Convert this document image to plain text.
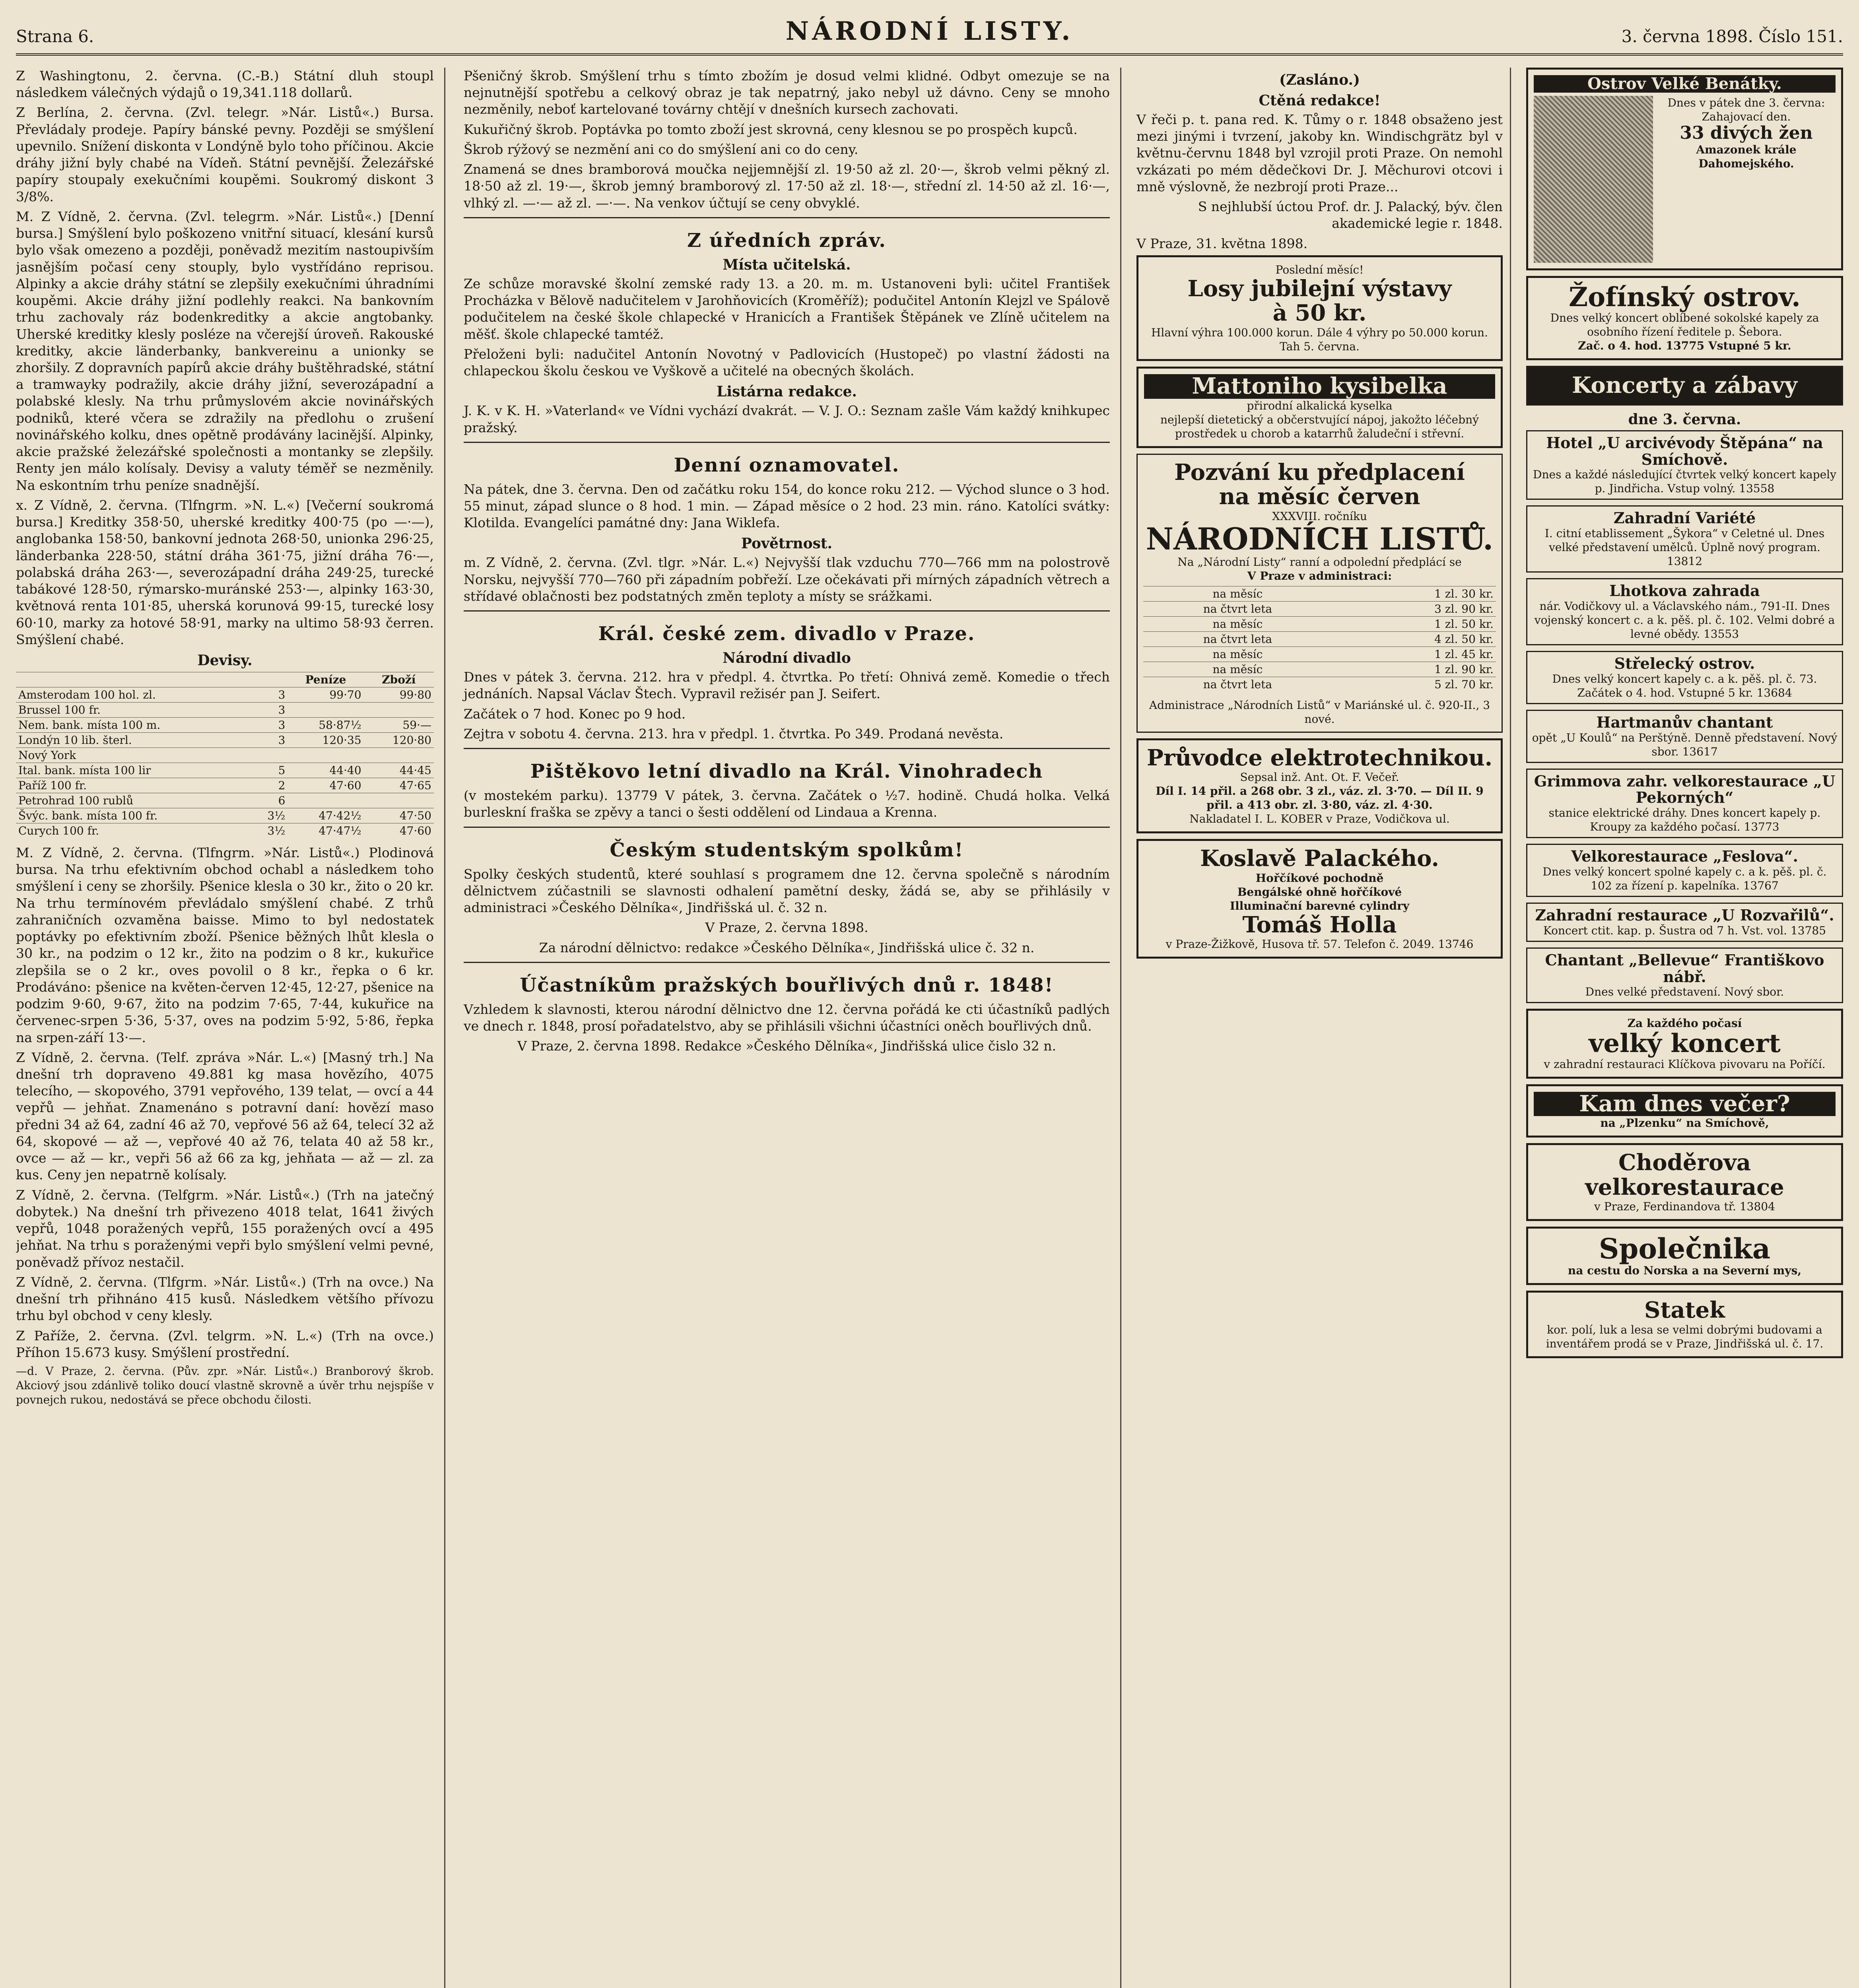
Strana 6.	NÁRODNÍ LISTY.	3. června 1898. Číslo 151.

Z Washingtonu, 2. června. (C.-B.) Státní dluh stoupl následkem válečných výdajů o 19,341.118 dollarů.

Z Berlína, 2. června. (Zvl. telegr. »Nár. Listů«.) Bursa. Převládaly prodeje. Papíry bánské pevny. Později se smýšlení upevnilo. Snížení diskonta v Londýně bylo toho příčinou. Akcie dráhy jižní byly chabé na Vídeň. Státní pevnější. Železářské papíry stoupaly exekučními koupěmi. Soukromý diskont 3 3/8%.

M. Z Vídně, 2. června. (Zvl. telegrm. »Nár. Listů«.) [Denní bursa.] Smýšlení bylo poškozeno vnitřní situací, klesání kursů bylo však omezeno a později, poněvadž mezitím nastoupivším jasnějším počasí ceny stouply, bylo vystřídáno reprisou. Alpinky a akcie dráhy státní se zlepšily exekučními úhradními koupěmi. Akcie dráhy jižní podlehly reakci. Na bankovním trhu zachovaly ráz bodenkreditky a akcie angtobanky. Uherské kreditky klesly posléze na včerejší úroveň. Rakouské kreditky, akcie länderbanky, bankvereinu a unionky se zhoršily. Z dopravních papírů akcie dráhy buštěhradské, státní a tramwayky podražily, akcie dráhy jižní, severozápadní a polabské klesly. Na trhu průmyslovém akcie novinářských podniků, které včera se zdražily na předlohu o zrušení novinářského kolku, dnes opětně prodávány lacinější. Alpinky, akcie pražské železářské společnosti a montanky se zlepšily. Renty jen málo kolísaly. Devisy a valuty téměř se nezměnily. Na eskontním trhu peníze snadnější.

x. Z Vídně, 2. června. (Tlfngrm. »N. L.«) [Večerní soukromá bursa.] Kreditky 358·50, uherské kreditky 400·75 (po —·—), anglobanka 158·50, bankovní jednota 268·50, unionka 296·25, länderbanka 228·50, státní dráha 361·75, jižní dráha 76·—, polabská dráha 263·—, severozápadní dráha 249·25, turecké tabákové 128·50, rýmarsko-muránské 253·—, alpinky 163·30, květnová renta 101·85, uherská korunová 99·15, turecké losy 60·10, marky za hotové 58·91, marky na ultimo 58·93 čerren. Smýšlení chabé.

Devisy.
		Peníze	Zboží
Amsterodam 100 hol. zl.	3	99·70	99·80
Brussel 100 fr.	3		
Nem. bank. místa 100 m.	3	58·87½	59·—
Londýn 10 lib. šterl.	3	120·35	120·80
Nový York			
Ital. bank. místa 100 lir	5	44·40	44·45
Paříž 100 fr.	2	47·60	47·65
Petrohrad 100 rublů	6		
Švýc. bank. místa 100 fr.	3½	47·42½	47·50
Curych 100 fr.	3½	47·47½	47·60

M. Z Vídně, 2. června. (Tlfngrm. »Nár. Listů«.) Plodinová bursa. Na trhu efektivním obchod ochabl a následkem toho smýšlení i ceny se zhoršily. Pšenice klesla o 30 kr., žito o 20 kr. Na trhu termínovém převládalo smýšlení chabé. Z trhů zahraničních ozvaměna baisse. Mimo to byl nedostatek poptávky po efektivním zboží. Pšenice běžných lhůt klesla o 30 kr., na podzim o 12 kr., žito na podzim o 8 kr., kukuřice zlepšila se o 2 kr., oves povolil o 8 kr., řepka o 6 kr. Prodáváno: pšenice na květen-červen 12·45, 12·27, pšenice na podzim 9·60, 9·67, žito na podzim 7·65, 7·44, kukuřice na červenec-srpen 5·36, 5·37, oves na podzim 5·92, 5·86, řepka na srpen-září 13·—.

Z Vídně, 2. června. (Telf. zpráva »Nár. L.«) [Masný trh.] Na dnešní trh dopraveno 49.881 kg masa hovězího, 4075 telecího, — skopového, 3791 vepřového, 139 telat, — ovcí a 44 vepřů — jehňat. Znamenáno s potravní daní: hovězí maso předni 34 až 64, zadní 46 až 70, vepřové 56 až 64, telecí 32 až 64, skopové — až —, vepřové 40 až 76, telata 40 až 58 kr., ovce — až — kr., vepři 56 až 66 za kg, jehňata — až — zl. za kus. Ceny jen nepatrně kolísaly.

Z Vídně, 2. června. (Telfgrm. »Nár. Listů«.) (Trh na jatečný dobytek.) Na dnešní trh přivezeno 4018 telat, 1641 živých vepřů, 1048 poražených vepřů, 155 poražených ovcí a 495 jehňat. Na trhu s poraženými vepři bylo smýšlení velmi pevné, poněvadž přívoz nestačil.

Z Vídně, 2. června. (Tlfgrm. »Nár. Listů«.) (Trh na ovce.) Na dnešní trh přihnáno 415 kusů. Následkem většího přívozu trhu byl obchod v ceny klesly.

Z Paříže, 2. června. (Zvl. telgrm. »N. L.«) (Trh na ovce.) Příhon 15.673 kusy. Smýšlení prostřední.

—d. V Praze, 2. června. (Pův. zpr. »Nár. Listů«.) Branborový škrob. Akciový jsou zdánlivě toliko doucí vlastně skrovně a úvěr trhu nejspíše v povnejch rukou, nedostává se přece obchodu čilosti.

Pšeničný škrob. Smýšlení trhu s tímto zbožím je dosud velmi klidné. Odbyt omezuje se na nejnutnější spotřebu a celkový obraz je tak nepatrný, jako nebyl už dávno. Ceny se mnoho nezměnily, neboť kartelované továrny chtějí v dnešních kursech zachovati.

Kukuřičný škrob. Poptávka po tomto zboží jest skrovná, ceny klesnou se po prospěch kupců.

Škrob rýžový se nezmění ani co do smýšlení ani co do ceny.

Znamená se dnes bramborová moučka nejjemnější zl. 19·50 až zl. 20·—, škrob velmi pěkný zl. 18·50 až zl. 19·—, škrob jemný bramborový zl. 17·50 až zl. 18·—, střední zl. 14·50 až zl. 16·—, vlhký zl. —·— až zl. —·—. Na venkov účtují se ceny obvyklé.

Z úředních zpráv.
Místa učitelská.

Ze schůze moravské školní zemské rady 13. a 20. m. m. Ustanoveni byli: učitel František Procházka v Bělově nadučitelem v Jarohňovicích (Kroměříž); podučitel Antonín Klejzl ve Spálově podučitelem na české škole chlapecké v Hranicích a František Štěpánek ve Zlíně učitelem na měšť. škole chlapecké tamtéž.

Přeloženi byli: nadučitel Antonín Novotný v Padlovicích (Hustopeč) po vlastní žádosti na chlapeckou školu českou ve Vyškově a učitelé na obecných školách.

Listárna redakce.

J. K. v K. H. »Vaterland« ve Vídni vychází dvakrát. — V. J. O.: Seznam zašle Vám každý knihkupec pražský.

Denní oznamovatel.

Na pátek, dne 3. června. Den od začátku roku 154, do konce roku 212. — Východ slunce o 3 hod. 55 minut, západ slunce o 8 hod. 1 min. — Západ měsíce o 2 hod. 23 min. ráno. Katolíci svátky: Klotilda. Evangelíci památné dny: Jana Wiklefa.

Povětrnost.

m. Z Vídně, 2. června. (Zvl. tlgr. »Nár. L.«) Nejvyšší tlak vzduchu 770—766 mm na polostrově Norsku, nejvyšší 770—760 při západním pobřeží. Lze očekávati při mírných západních větrech a střídavé oblačnosti bez podstatných změn teploty a místy se srážkami.

Král. české zem. divadlo v Praze.
Národní divadlo

Dnes v pátek 3. června. 212. hra v předpl. 4. čtvrtka. Po třetí: Ohnivá země. Komedie o třech jednáních. Napsal Václav Štech. Vypravil režisér pan J. Seifert.

Začátek o 7 hod. Konec po 9 hod.

Zejtra v sobotu 4. června. 213. hra v předpl. 1. čtvrtka. Po 349. Prodaná nevěsta.

Pištěkovo letní divadlo na Král. Vinohradech

(v mostekém parku). 13779 V pátek, 3. června. Začátek o ½7. hodině. Chudá holka. Velká burleskní fraška se zpěvy a tanci o šesti oddělení od Lindaua a Krenna.

Českým studentským spolkům!

Spolky českých studentů, které souhlasí s programem dne 12. června společně s národním dělnictvem zúčastnili se slavnosti odhalení pamětní desky, žádá se, aby se přihlásily v administraci »Českého Dělníka«, Jindřišská ul. č. 32 n.

V Praze, 2. června 1898.

Za národní dělnictvo: redakce »Českého Dělníka«, Jindřišská ulice č. 32 n.

Účastníkům pražských bouřlivých dnů r. 1848!

Vzhledem k slavnosti, kterou národní dělnictvo dne 12. června pořádá ke cti účastníků padlých ve dnech r. 1848, prosí pořadatelstvo, aby se přihlásili všichni účastníci oněch bouřlivých dnů.

V Praze, 2. června 1898. Redakce »Českého Dělníka«, Jindřišská ulice čislo 32 n.

(Zasláno.)
Ctěná redakce!

V řeči p. t. pana red. K. Tůmy o r. 1848 obsaženo jest mezi jinými i tvrzení, jakoby kn. Windischgrätz byl v květnu-červnu 1848 byl vzrojil proti Praze. On nemohl vzkázati po mém dědečkovi Dr. J. Měchurovi otcovi i mně výslovně, že nezbrojí proti Praze...

S nejhlubší úctou Prof. dr. J. Palacký, býv. člen akademické legie r. 1848.

V Praze, 31. května 1898.

Poslední měsíc!
Losy jubilejní výstavy
à 50 kr.
Hlavní výhra 100.000 korun. Dále 4 výhry po 50.000 korun. Tah 5. června.
Mattoniho kysibelka
přirodní alkalická kyselka
nejlepší dietetický a občerstvující nápoj, jakožto léčebný prostředek u chorob a katarrhů žaludeční i střevní.
Pozvání ku předplacení
na měsíc červen
XXXVIII. ročníku
NÁRODNÍCH LISTŮ.
Na „Národní Listy“ ranní a odpolední předplácí se
V Praze v administraci:
na měsíc	1 zl. 30 kr.
na čtvrt leta	3 zl. 90 kr.
na měsíc	1 zl. 50 kr.
na čtvrt leta	4 zl. 50 kr.
na měsíc	1 zl. 45 kr.
na měsíc	1 zl. 90 kr.
na čtvrt leta	5 zl. 70 kr.
Administrace „Národních Listů“ v Mariánské ul. č. 920-II., 3 nové.
Průvodce elektrotechnikou.
Sepsal inž. Ant. Ot. F. Večeř.
Díl I. 14 přil. a 268 obr. 3 zl., váz. zl. 3·70. — Díl II. 9 přil. a 413 obr. zl. 3·80, váz. zl. 4·30.
Nakladatel I. L. KOBER v Praze, Vodičkova ul.
Koslavě Palackého.
Hořčíkové pochodně
Bengálské ohně hořčíkové
Illuminační barevné cylindry
Tomáš Holla
v Praze-Žižkově, Husova tř. 57. Telefon č. 2049. 13746
Ostrov Velké Benátky.
Dnes v pátek dne 3. června: Zahajovací den.
33 divých žen
Amazonek krále Dahomejského.
Žofínský ostrov.
Dnes velký koncert oblíbené sokolské kapely za osobního řízení ředitele p. Šebora.
Zač. o 4. hod. 13775 Vstupné 5 kr.
Koncerty a zábavy
dne 3. června.
Hotel „U arcivévody Štěpána“ na Smíchově.
Dnes a každé následující čtvrtek velký koncert kapely p. Jindřicha. Vstup volný. 13558
Zahradní Variété
I. citní etablissement „Šykora“ v Celetné ul. Dnes velké představení umělců. Úplně nový program. 13812
Lhotkova zahrada
nár. Vodičkovy ul. a Václavského nám., 791-II. Dnes vojenský koncert c. a k. pěš. pl. č. 102. Velmi dobré a levné obědy. 13553
Střelecký ostrov.
Dnes velký koncert kapely c. a k. pěš. pl. č. 73. Začátek o 4. hod. Vstupné 5 kr. 13684
Hartmanův chantant
opět „U Koulů“ na Perštýně. Denně představení. Nový sbor. 13617
Grimmova zahr. velkorestaurace „U Pekorných“
stanice elektrické dráhy. Dnes koncert kapely p. Kroupy za každého počasí. 13773
Velkorestaurace „Feslova“.
Dnes velký koncert spolné kapely c. a k. pěš. pl. č. 102 za řízení p. kapelníka. 13767
Zahradní restaurace „U Rozvařilů“.
Koncert ctit. kap. p. Šustra od 7 h. Vst. vol. 13785
Chantant „Bellevue“ Františkovo nábř.
Dnes velké představení. Nový sbor.
Za každého počasí
velký koncert
v zahradní restauraci Klíčkova pivovaru na Poříčí.
Kam dnes večer?
na „Plzenku“ na Smíchově,
Choděrova velkorestaurace
v Praze, Ferdinandova tř. 13804
Společnika
na cestu do Norska a na Severní mys,
Statek
kor. polí, luk a lesa se velmi dobrými budovami a inventářem prodá se v Praze, Jindřišská ul. č. 17.
